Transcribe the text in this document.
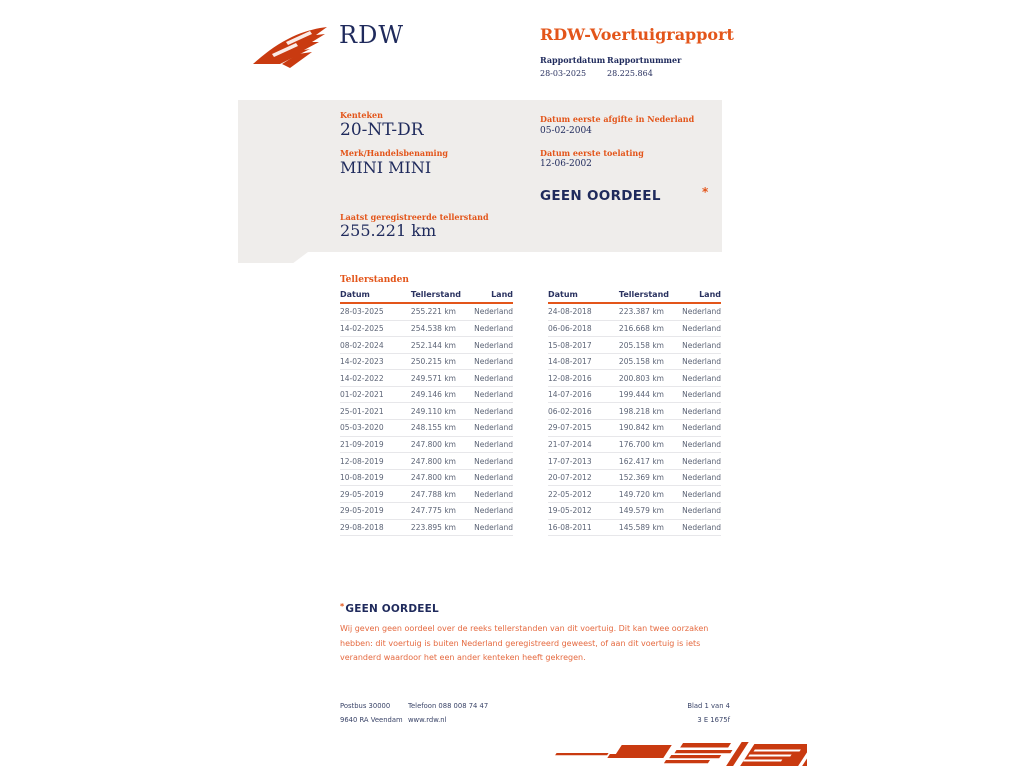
RDW	RDW-Voertuigrapport
Rapportdatum
28-03-2025
Rapportnummer
28.225.864
Kenteken
20-NT-DR
Merk/Handelsbenaming
MINI MINI
Laatst geregistreerde tellerstand
255.221 km
Datum eerste afgifte in Nederland
05-02-2004
Datum eerste toelating
12-06-2002
GEEN OORDEEL	*
Tellerstanden
Datum	Tellerstand	Land
28-03-2025	255.221 km	Nederland
14-02-2025	254.538 km	Nederland
08-02-2024	252.144 km	Nederland
14-02-2023	250.215 km	Nederland
14-02-2022	249.571 km	Nederland
01-02-2021	249.146 km	Nederland
25-01-2021	249.110 km	Nederland
05-03-2020	248.155 km	Nederland
21-09-2019	247.800 km	Nederland
12-08-2019	247.800 km	Nederland
10-08-2019	247.800 km	Nederland
29-05-2019	247.788 km	Nederland
29-05-2019	247.775 km	Nederland
29-08-2018	223.895 km	Nederland
Datum	Tellerstand	Land
24-08-2018	223.387 km	Nederland
06-06-2018	216.668 km	Nederland
15-08-2017	205.158 km	Nederland
14-08-2017	205.158 km	Nederland
12-08-2016	200.803 km	Nederland
14-07-2016	199.444 km	Nederland
06-02-2016	198.218 km	Nederland
29-07-2015	190.842 km	Nederland
21-07-2014	176.700 km	Nederland
17-07-2013	162.417 km	Nederland
20-07-2012	152.369 km	Nederland
22-05-2012	149.720 km	Nederland
19-05-2012	149.579 km	Nederland
16-08-2011	145.589 km	Nederland
*GEEN OORDEEL
Wij geven geen oordeel over de reeks tellerstanden van dit voertuig. Dit kan twee oorzaken hebben: dit voertuig is buiten Nederland geregistreerd geweest, of aan dit voertuig is iets veranderd waardoor het een ander kenteken heeft gekregen.
Postbus 30000
9640 RA Veendam
Telefoon 088 008 74 47
www.rdw.nl
Blad 1 van 4
3 E 1675f
